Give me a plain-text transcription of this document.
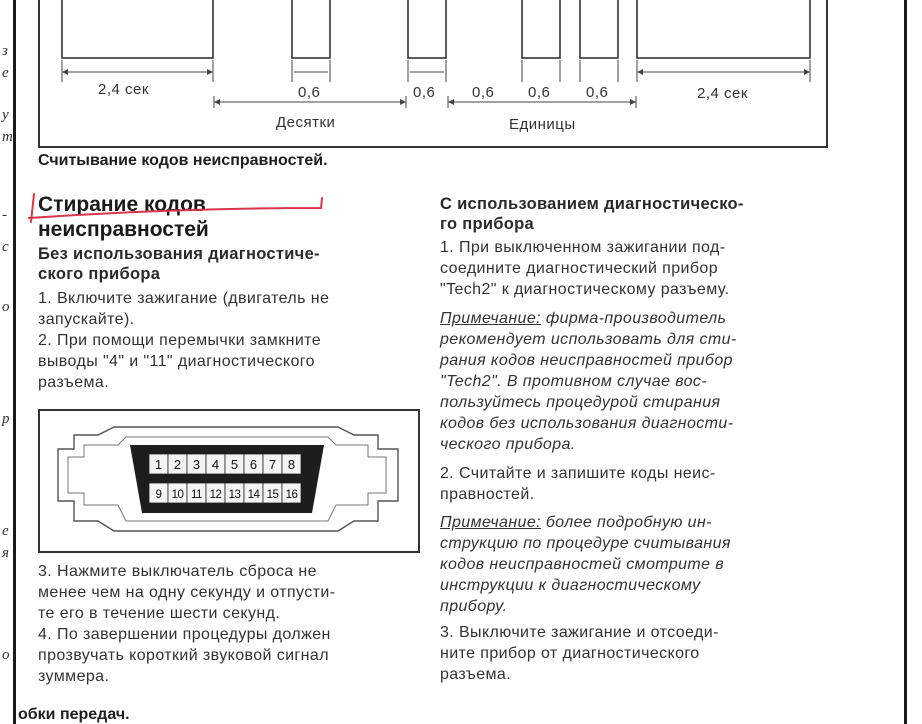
з
е
у
т
-
с
о
р
е
я
о
2,4 сек	2,4 сек
0,6	0,6 0,6 0,6 0,6
Десятки	Единицы
Считывание кодов неисправностей.
Стирание кодов
неисправностей
Без использования диагностиче-
ского прибора
1. Включите зажигание (двигатель не
запускайте).
2. При помощи перемычки замкните
выводы "4" и "11" диагностического
разъема.
1 2 3 4 5 6 7 8
9 10 11 12 13 14 15 16
3. Нажмите выключатель сброса не
менее чем на одну секунду и отпусти-
те его в течение шести секунд.
4. По завершении процедуры должен
прозвучать короткий звуковой сигнал
зуммера.
С использованием диагностическо-
го прибора
1. При выключенном зажигании под-
соедините диагностический прибор
"Tech2" к диагностическому разъему.
Примечание: фирма-производитель
рекомендует использовать для сти-
рания кодов неисправностей прибор
"Tech2". В противном случае вос-
пользуйтесь процедурой стирания
кодов без использования диагности-
ческого прибора.
2. Считайте и запишите коды неис-
правностей.
Примечание: более подробную ин-
струкцию по процедуре считывания
кодов неисправностей смотрите в
инструкции к диагностическому
прибору.
3. Выключите зажигание и отсоеди-
ните прибор от диагностического
разъема.
обки передач.
